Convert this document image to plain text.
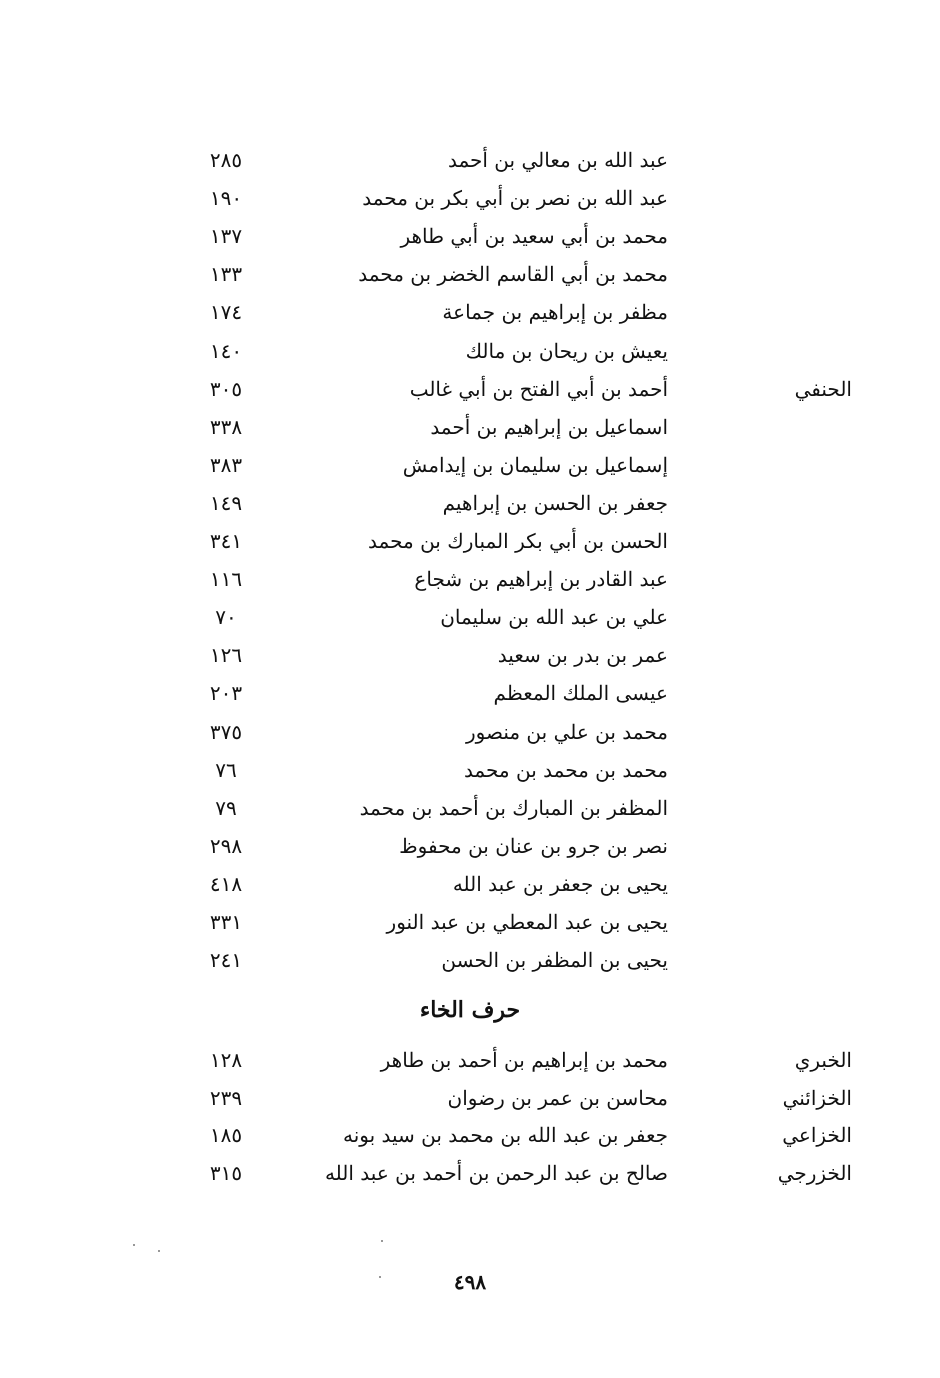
عبد الله بن معالي بن أحمد
٢٨٥
عبد الله بن نصر بن أبي بكر بن محمد
١٩٠
محمد بن أبي سعيد بن أبي طاهر
١٣٧
محمد بن أبي القاسم الخضر بن محمد
١٣٣
مظفر بن إبراهيم بن جماعة
١٧٤
يعيش بن ريحان بن مالك
١٤٠
الحنفي
أحمد بن أبي الفتح بن أبي غالب
٣٠٥
اسماعيل بن إبراهيم بن أحمد
٣٣٨
إسماعيل بن سليمان بن إيدامش
٣٨٣
جعفر بن الحسن بن إبراهيم
١٤٩
الحسن بن أبي بكر المبارك بن محمد
٣٤١
عبد القادر بن إبراهيم بن شجاع
١١٦
علي بن عبد الله بن سليمان
٧٠
عمر بن بدر بن سعيد
١٢٦
عيسى الملك المعظم
٢٠٣
محمد بن علي بن منصور
٣٧٥
محمد بن محمد بن محمد
٧٦
المظفر بن المبارك بن أحمد بن محمد
٧٩
نصر بن جرو بن عنان بن محفوظ
٢٩٨
يحيى بن جعفر بن عبد الله
٤١٨
يحيى بن عبد المعطي بن عبد النور
٣٣١
يحيى بن المظفر بن الحسن
٢٤١
حرف الخاء
الخبري
محمد بن إبراهيم بن أحمد بن طاهر
١٢٨
الخزائني
محاسن بن عمر بن رضوان
٢٣٩
الخزاعي
جعفر بن عبد الله بن محمد بن سيد بونه
١٨٥
الخزرجي
صالح بن عبد الرحمن بن أحمد بن عبد الله
٣١٥
٤٩٨
